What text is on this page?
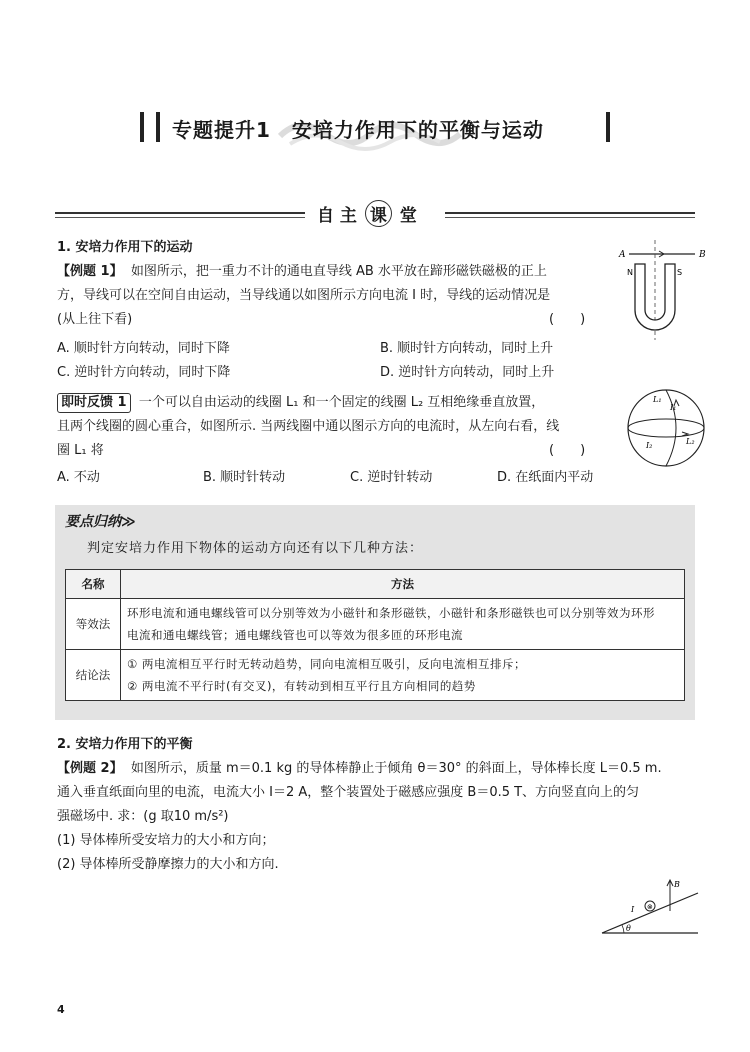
专题提升1　安培力作用下的平衡与运动
自 主 课 堂
1. 安培力作用下的运动
【例题 1】 如图所示，把一重力不计的通电直导线 AB 水平放在蹄形磁铁磁极的正上
方，导线可以在空间自由运动，当导线通以如图所示方向电流 I 时，导线的运动情况是
(从上往下看)	(　　)
A. 顺时针方向转动，同时下降	B. 顺时针方向转动，同时上升
C. 逆时针方向转动，同时下降	D. 逆时针方向转动，同时上升
A	B
N	S
即时反馈 1 一个可以自由运动的线圈 L₁ 和一个固定的线圈 L₂ 互相绝缘垂直放置，
且两个线圈的圆心重合，如图所示. 当两线圈中通以图示方向的电流时，从左向右看，线
圈 L₁ 将	(　　)
A. 不动	B. 顺时针转动	C. 逆时针转动	D. 在纸面内平动
L₁
I₁
L₂
I₂
要点归纳≫
判定安培力作用下物体的运动方向还有以下几种方法：
名称	方法
等效法	环形电流和通电螺线管可以分别等效为小磁针和条形磁铁，小磁针和条形磁铁也可以分别等效为环形
电流和通电螺线管；通电螺线管也可以等效为很多匝的环形电流

结论法	① 两电流相互平行时无转动趋势，同向电流相互吸引，反向电流相互排斥；
② 两电流不平行时(有交叉)，有转动到相互平行且方向相同的趋势
2. 安培力作用下的平衡
【例题 2】 如图所示，质量 m＝0.1 kg 的导体棒静止于倾角 θ＝30° 的斜面上，导体棒长度 L＝0.5 m.
通入垂直纸面向里的电流，电流大小 I＝2 A，整个装置处于磁感应强度 B＝0.5 T、方向竖直向上的匀
强磁场中. 求：(g 取10 m/s²)
(1) 导体棒所受安培力的大小和方向；
(2) 导体棒所受静摩擦力的大小和方向.
⊗
B
I
θ
4
